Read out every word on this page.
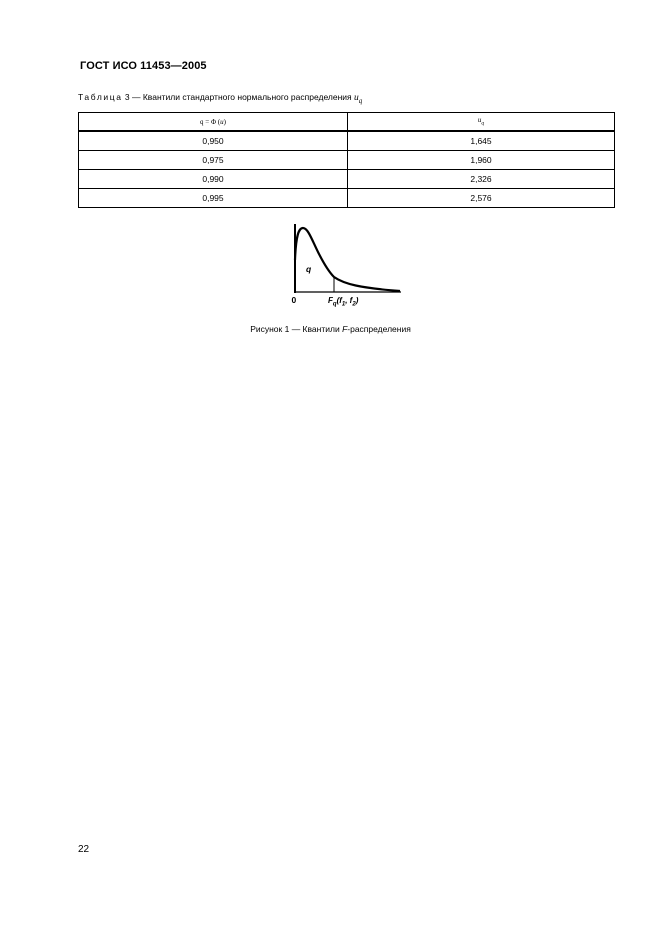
ГОСТ ИСО 11453—2005
Таблица 3 — Квантили стандартного нормального распределения $u_q$
q = Φ (u)	$u_q$
0,950	1,645
0,975	1,960
0,990	2,326
0,995	2,576
q
0	$F_q(f_1$, $f_2$)
Рисунок 1 — Квантили F-распределения
22
